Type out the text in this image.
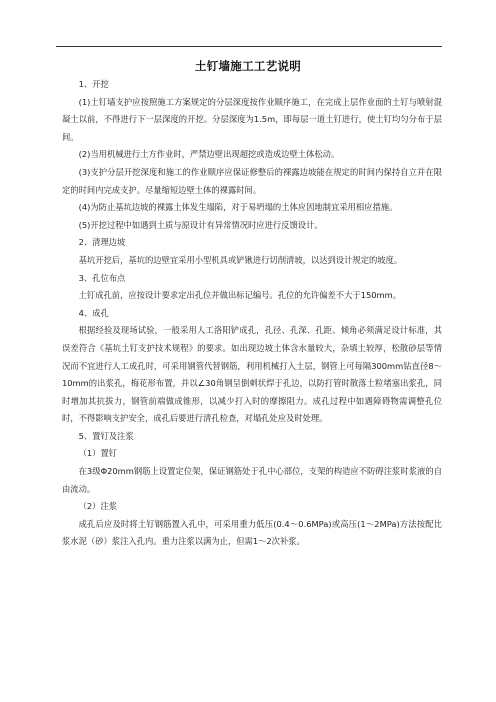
土钉墙施工工艺说明

1、开挖

(1)土钉墙支护应按照施工方案规定的分层深度按作业顺序施工，在完成上层作业面的土钉与喷射混凝土以前，不得进行下一层深度的开挖。分层深度为1.5m，即每层一道土钉进行，使土钉均匀分布于层间。

(2)当用机械进行土方作业时，严禁边壁出现超挖或造成边壁土体松动。

(3)支护分层开挖深度和施工的作业顺序应保证修整后的裸露边坡能在规定的时间内保持自立并在限定的时间内完成支护。尽量缩短边壁土体的裸露时间。

(4)为防止基坑边坡的裸露土体发生塌陷，对于易坍塌的土体应因地制宜采用相应措施。

(5)开挖过程中如遇到土质与原设计有异常情况时应进行反馈设计。

2、清理边坡

基坑开挖后，基坑的边壁宜采用小型机具或铲锹进行切削清坡，以达到设计规定的坡度。

3、孔位布点

土钉成孔前，应按设计要求定出孔位并做出标记编号。孔位的允许偏差不大于150mm。

4、成孔

根据经验及现场试验，一般采用人工洛阳铲成孔，孔径、孔深、孔距、倾角必须满足设计标准，其误差符合《基坑土钉支护技术规程》的要求。如出现边坡土体含水量较大，杂填土较厚，松散砂层等情况而不宜进行人工成孔时，可采用钢管代替钢筋，利用机械打入土层，钢管上可每隔300mm钻直径8～10mm的出浆孔，梅花形布置，并以∠30角钢呈倒刺状焊于孔边，以防打管时散落土粒堵塞出浆孔，同时增加其抗拔力，钢管前端做成锥形，以减少打入时的摩擦阻力。成孔过程中如遇障碍物需调整孔位时，不得影响支护安全，成孔后要进行清孔检查，对塌孔处应及时处理。

5、置钉及注浆

（1）置钉

在3级Φ20mm钢筋上设置定位架，保证钢筋处于孔中心部位，支架的构造应不防碍注浆时浆液的自由流动。

（2）注浆

成孔后应及时将土钉钢筋置入孔中，可采用重力低压(0.4～0.6MPa)或高压(1～2MPa)方法按配比浆水泥（砂）浆注入孔内。重力注浆以满为止，但需1～2次补浆。
